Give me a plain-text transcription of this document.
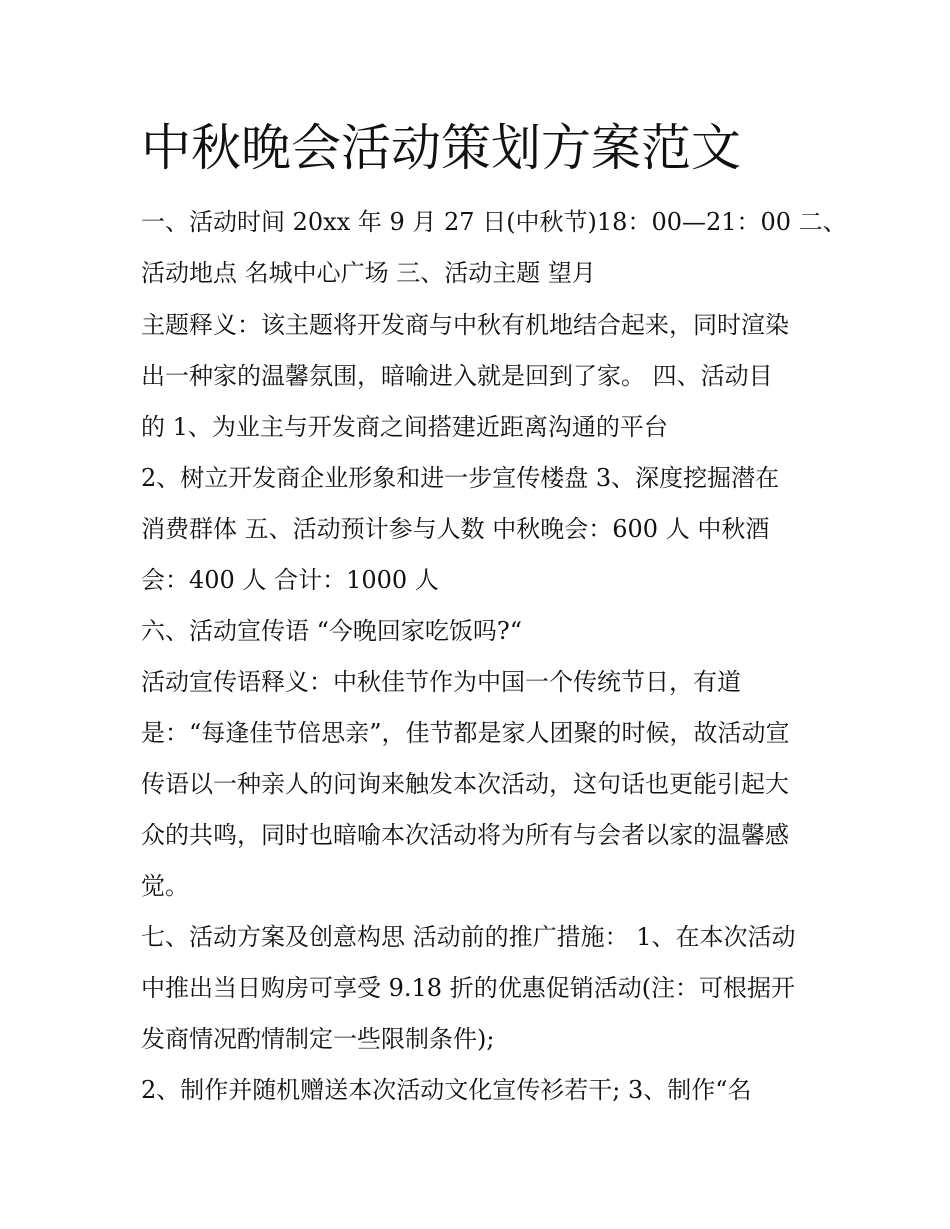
中秋晚会活动策划方案范文

一、活动时间 20xx 年 9 月 27 日(中秋节)18：00—21：00 二、

活动地点 名城中心广场 三、活动主题 望月

主题释义：该主题将开发商与中秋有机地结合起来，同时渲染

出一种家的温馨氛围，暗喻进入就是回到了家。 四、活动目

的 1、为业主与开发商之间搭建近距离沟通的平台

2、树立开发商企业形象和进一步宣传楼盘 3、深度挖掘潜在

消费群体 五、活动预计参与人数 中秋晚会：600 人 中秋酒

会：400 人 合计：1000 人

六、活动宣传语 “今晚回家吃饭吗?“

活动宣传语释义：中秋佳节作为中国一个传统节日，有道

是：“每逢佳节倍思亲”，佳节都是家人团聚的时候，故活动宣

传语以一种亲人的问询来触发本次活动，这句话也更能引起大

众的共鸣，同时也暗喻本次活动将为所有与会者以家的温馨感

觉。

七、活动方案及创意构思 活动前的推广措施： 1、在本次活动

中推出当日购房可享受 9.18 折的优惠促销活动(注：可根据开

发商情况酌情制定一些限制条件);

2、制作并随机赠送本次活动文化宣传衫若干; 3、制作“名
